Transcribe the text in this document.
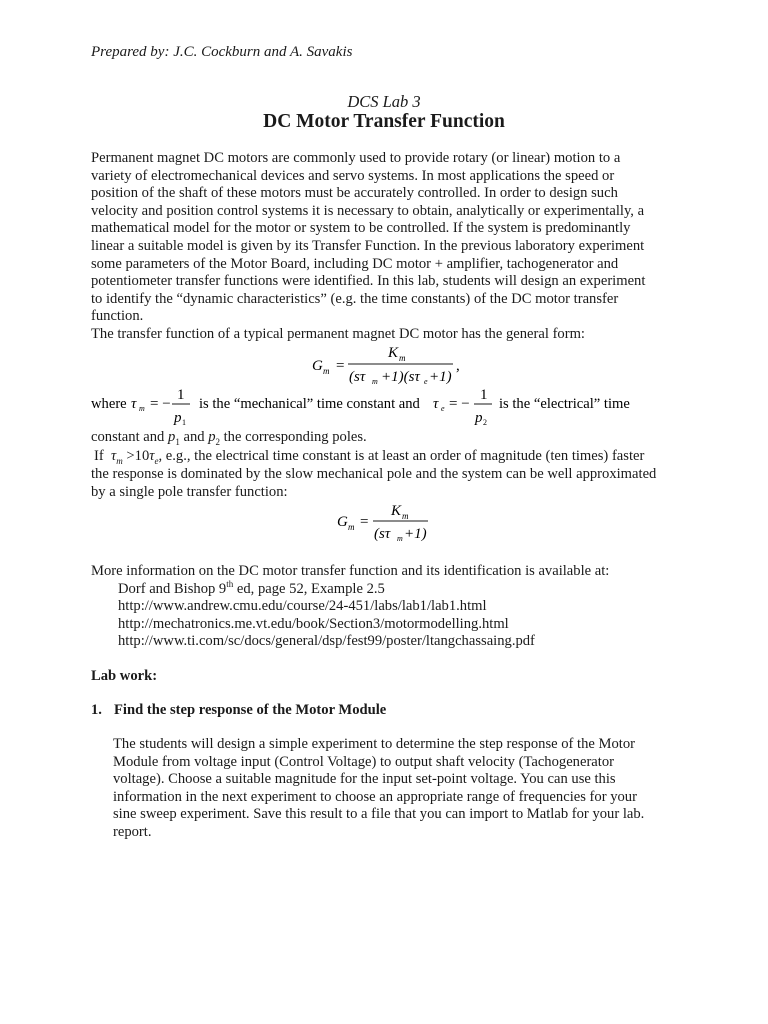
Prepared by: J.C. Cockburn and A. Savakis
DCS Lab 3
DC Motor Transfer Function
Permanent magnet DC motors are commonly used to provide rotary (or linear) motion to a
variety of electromechanical devices and servo systems. In most applications the speed or
position of the shaft of these motors must be accurately controlled. In order to design such
velocity and position control systems it is necessary to obtain, analytically or experimentally, a
mathematical model for the motor or system to be controlled. If the system is predominantly
linear a suitable model is given by its Transfer Function. In the previous laboratory experiment
some parameters of the Motor Board, including DC motor + amplifier, tachogenerator and
potentiometer transfer functions were identified. In this lab, students will design an experiment
to identify the “dynamic characteristics” (e.g. the time constants) of the DC motor transfer
function.
The transfer function of a typical permanent magnet DC motor has the general form:
G m =
K m
(sτ m +1)(sτ e +1)
,
where τ m = −
1
p 1
is the “mechanical” time constant and τ e = −
1
p 2
is the “electrical” time
constant and $p_1$ and $p_2$ the corresponding poles.
If $\tau_m >10\tau_e$, e.g., the electrical time constant is at least an order of magnitude (ten times) faster
the response is dominated by the slow mechanical pole and the system can be well approximated
by a single pole transfer function:
G m =
K m
(sτ m +1)
More information on the DC motor transfer function and its identification is available at:
Dorf and Bishop 9th ed, page 52, Example 2.5
http://www.andrew.cmu.edu/course/24-451/labs/lab1/lab1.html
http://mechatronics.me.vt.edu/book/Section3/motormodelling.html
http://www.ti.com/sc/docs/general/dsp/fest99/poster/ltangchassaing.pdf
Lab work:
1. Find the step response of the Motor Module
The students will design a simple experiment to determine the step response of the Motor
Module from voltage input (Control Voltage) to output shaft velocity (Tachogenerator
voltage). Choose a suitable magnitude for the input set-point voltage. You can use this
information in the next experiment to choose an appropriate range of frequencies for your
sine sweep experiment. Save this result to a file that you can import to Matlab for your lab.
report.
